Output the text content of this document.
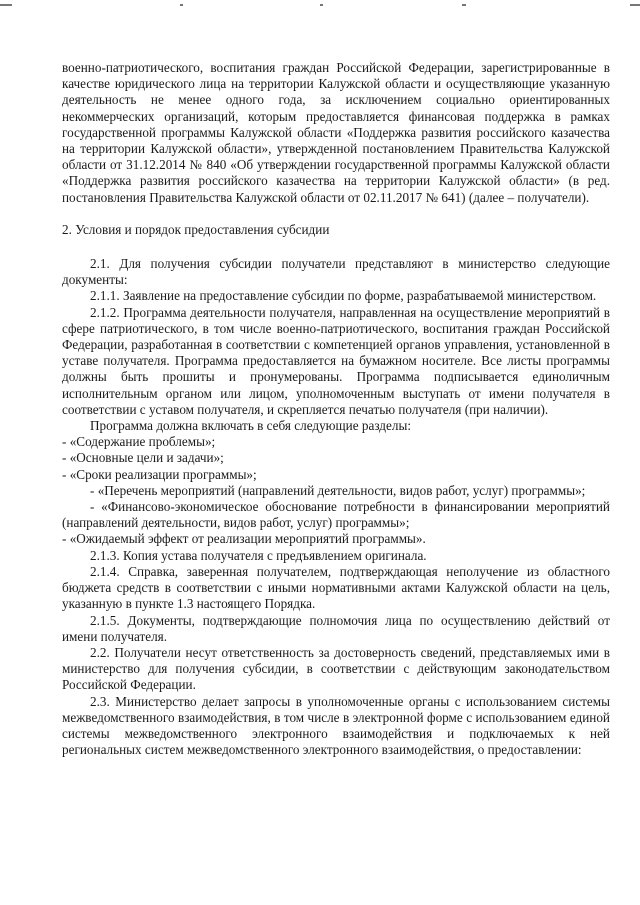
военно-патриотического, воспитания граждан Российской Федерации, зарегистрированные в качестве юридического лица на территории Калужской области и осуществляющие указанную деятельность не менее одного года, за исключением социально ориентированных некоммерческих организаций, которым предоставляется финансовая поддержка в рамках государственной программы Калужской области «Поддержка развития российского казачества на территории Калужской области», утвержденной постановлением Правительства Калужской области от 31.12.2014 № 840 «Об утверждении государственной программы Калужской области «Поддержка развития российского казачества на территории Калужской области» (в ред. постановления Правительства Калужской области от 02.11.2017 № 641) (далее – получатели).

2. Условия и порядок предоставления субсидии

2.1. Для получения субсидии получатели представляют в министерство следующие документы:

2.1.1. Заявление на предоставление субсидии по форме, разрабатываемой министерством.

2.1.2. Программа деятельности получателя, направленная на осуществление мероприятий в сфере патриотического, в том числе военно-патриотического, воспитания граждан Российской Федерации, разработанная в соответствии с компетенцией органов управления, установленной в уставе получателя. Программа предоставляется на бумажном носителе. Все листы программы должны быть прошиты и пронумерованы. Программа подписывается единоличным исполнительным органом или лицом, уполномоченным выступать от имени получателя в соответствии с уставом получателя, и скрепляется печатью получателя (при наличии).

Программа должна включать в себя следующие разделы:

- «Содержание проблемы»;

- «Основные цели и задачи»;

- «Сроки реализации программы»;

- «Перечень мероприятий (направлений деятельности, видов работ, услуг) программы»;

- «Финансово-экономическое обоснование потребности в финансировании мероприятий (направлений деятельности, видов работ, услуг) программы»;

- «Ожидаемый эффект от реализации мероприятий программы».

2.1.3. Копия устава получателя с предъявлением оригинала.

2.1.4. Справка, заверенная получателем, подтверждающая неполучение из областного бюджета средств в соответствии с иными нормативными актами Калужской области на цель, указанную в пункте 1.3 настоящего Порядка.

2.1.5. Документы, подтверждающие полномочия лица по осуществлению действий от имени получателя.

2.2. Получатели несут ответственность за достоверность сведений, представляемых ими в министерство для получения субсидии, в соответствии с действующим законодательством Российской Федерации.

2.3. Министерство делает запросы в уполномоченные органы с использованием системы межведомственного взаимодействия, в том числе в электронной форме с использованием единой системы межведомственного электронного взаимодействия и подключаемых к ней региональных систем межведомственного электронного взаимодействия, о предоставлении:
